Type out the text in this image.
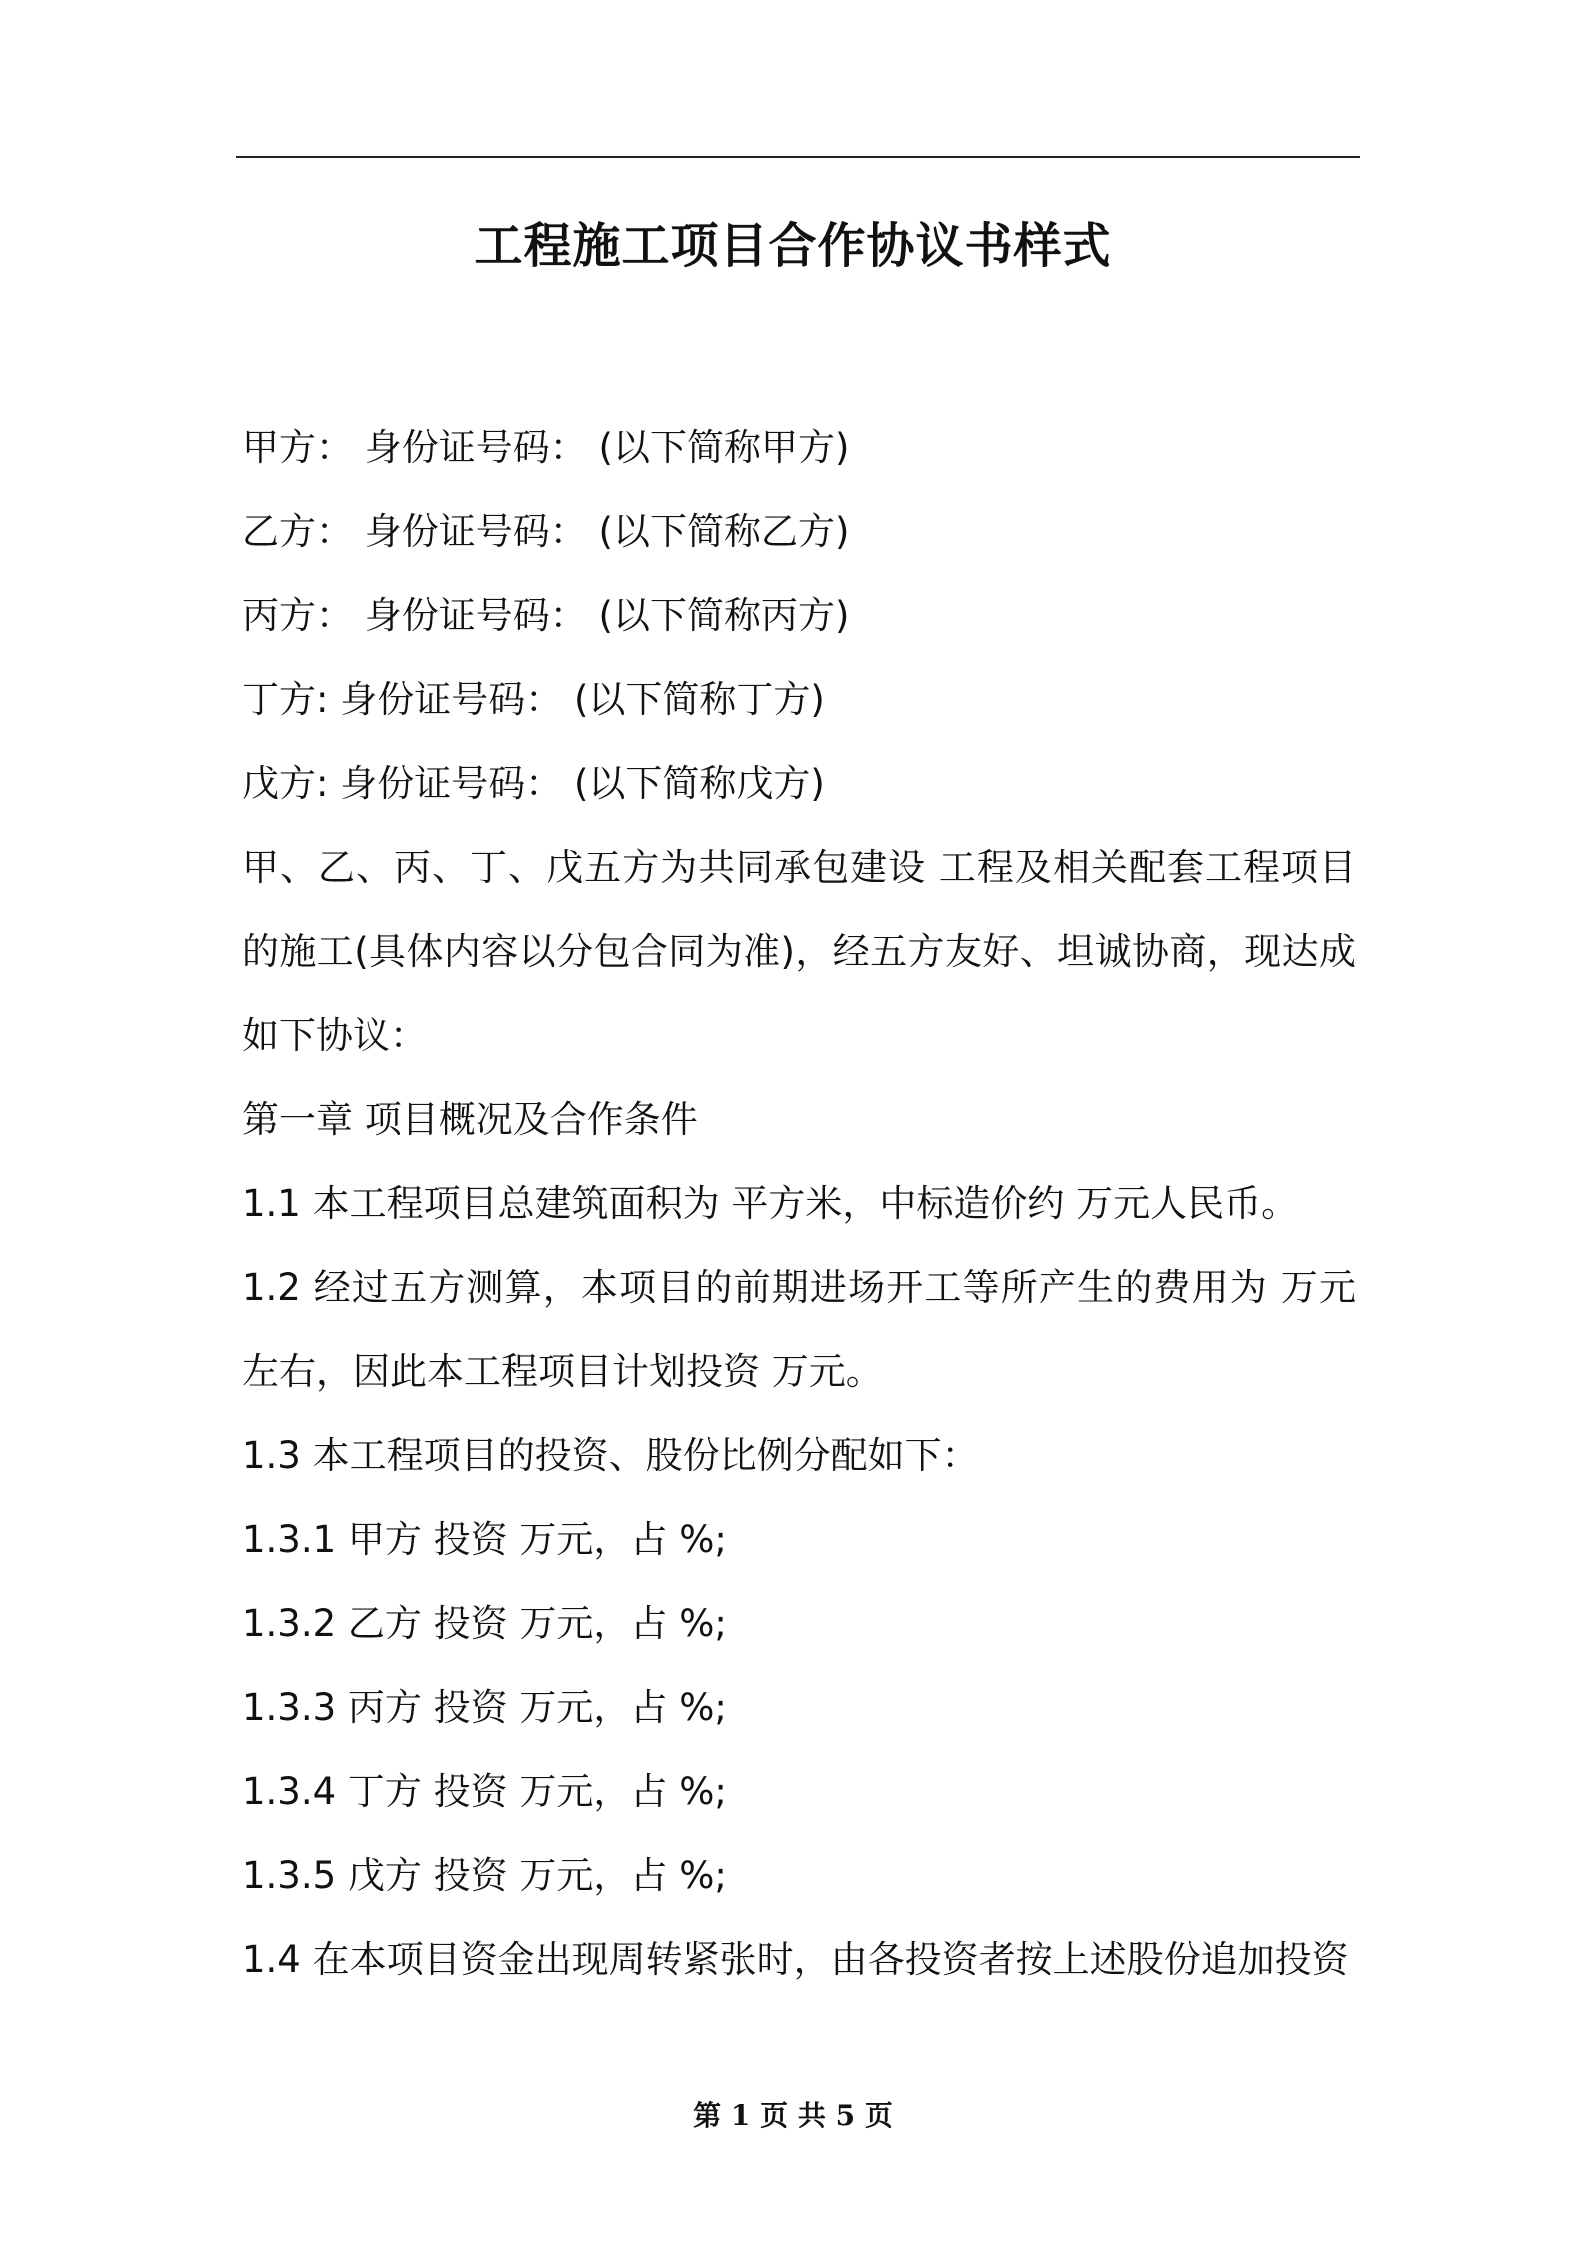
工程施工项目合作协议书样式
甲方： 身份证号码： (以下简称甲方)
乙方： 身份证号码： (以下简称乙方)
丙方： 身份证号码： (以下简称丙方)
丁方: 身份证号码： (以下简称丁方)
戊方: 身份证号码： (以下简称戊方)
甲、乙、丙、丁、戊五方为共同承包建设 工程及相关配套工程项目的施工(具体内容以分包合同为准)，经五方友好、坦诚协商，现达成如下协议：
第一章 项目概况及合作条件
1.1 本工程项目总建筑面积为 平方米，中标造价约 万元人民币。
1.2 经过五方测算，本项目的前期进场开工等所产生的费用为 万元左右，因此本工程项目计划投资 万元。
1.3 本工程项目的投资、股份比例分配如下：
1.3.1 甲方 投资 万元，占 %;
1.3.2 乙方 投资 万元，占 %;
1.3.3 丙方 投资 万元，占 %;
1.3.4 丁方 投资 万元，占 %;
1.3.5 戊方 投资 万元，占 %;
1.4 在本项目资金出现周转紧张时，由各投资者按上述股份追加投资
第 1 页 共 5 页
